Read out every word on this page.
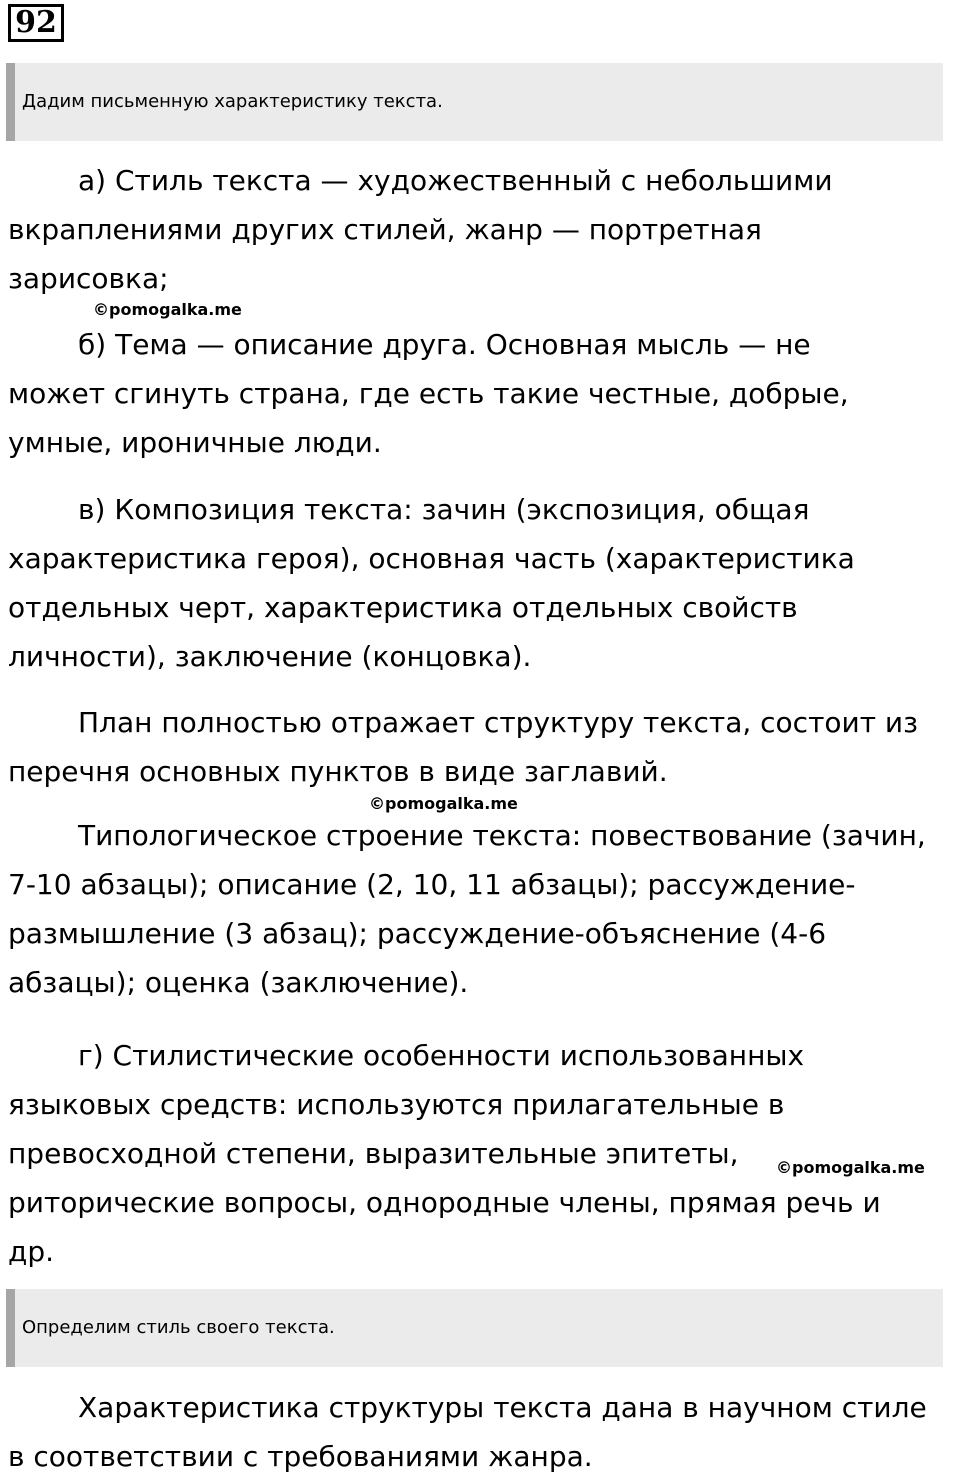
92
Дадим письменную характеристику текста.
а) Стиль текста — художественный с небольшими
вкраплениями других стилей, жанр — портретная
зарисовка;
©pomogalka.me
б) Тема — описание друга. Основная мысль — не
может сгинуть страна, где есть такие честные, добрые,
умные, ироничные люди.
в) Композиция текста: зачин (экспозиция, общая
характеристика героя), основная часть (характеристика
отдельных черт, характеристика отдельных свойств
личности), заключение (концовка).
План полностью отражает структуру текста, состоит из
перечня основных пунктов в виде заглавий.
©pomogalka.me
Типологическое строение текста: повествование (зачин,
7-10 абзацы); описание (2, 10, 11 абзацы); рассуждение-
размышление (3 абзац); рассуждение-объяснение (4-6
абзацы); оценка (заключение).
г) Стилистические особенности использованных
языковых средств: используются прилагательные в
превосходной степени, выразительные эпитеты,
риторические вопросы, однородные члены, прямая речь и
др.
©pomogalka.me
Определим стиль своего текста.
Характеристика структуры текста дана в научном стиле
в соответствии с требованиями жанра.
